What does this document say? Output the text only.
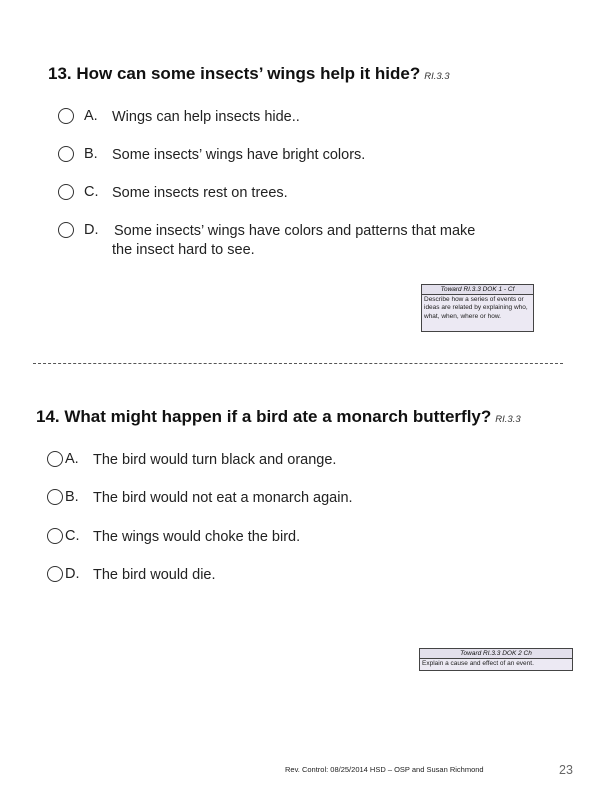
13. How can some insects’ wings help it hide? RI.3.3
A. Wings can help insects hide..
B. Some insects’ wings have bright colors.
C. Some insects rest on trees.
D.	Some insects’ wings have colors and patterns that make
the insect hard to see.
Toward RI.3.3 DOK 1 - Cf
Describe how a series of events or ideas are related by explaining who, what, when, where or how.
14. What might happen if a bird ate a monarch butterfly? RI.3.3
A. The bird would turn black and orange.
B. The bird would not eat a monarch again.
C. The wings would choke the bird.
D. The bird would die.
Toward RI.3.3 DOK 2 Ch
Explain a cause and effect of an event.
Rev. Control: 08/25/2014 HSD – OSP and Susan Richmond	23
